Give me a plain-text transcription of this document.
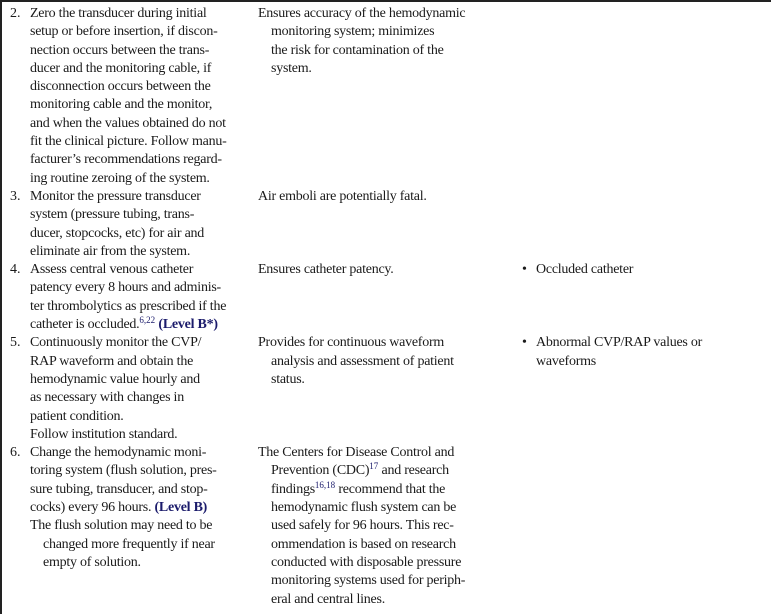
2. Zero the transducer during initial
setup or before insertion, if discon-
nection occurs between the trans-
ducer and the monitoring cable, if
disconnection occurs between the
monitoring cable and the monitor,
and when the values obtained do not
fit the clinical picture. Follow manu-
facturer’s recommendations regard-
ing routine zeroing of the system.
Ensures accuracy of the hemodynamic
monitoring system; minimizes
the risk for contamination of the
system.
3. Monitor the pressure transducer
system (pressure tubing, trans-
ducer, stopcocks, etc) for air and
eliminate air from the system.
Air emboli are potentially fatal.
4. Assess central venous catheter
patency every 8 hours and adminis-
ter thrombolytics as prescribed if the
catheter is occluded.$^{6,22}$ (Level B*)
Ensures catheter patency.	• Occluded catheter
5. Continuously monitor the CVP/
RAP waveform and obtain the
hemodynamic value hourly and
as necessary with changes in
patient condition.
Follow institution standard.
Provides for continuous waveform
analysis and assessment of patient
status.
• Abnormal CVP/RAP values or
waveforms
6. Change the hemodynamic moni-
toring system (flush solution, pres-
sure tubing, transducer, and stop-
cocks) every 96 hours. (Level B)
The flush solution may need to be
changed more frequently if near
empty of solution.
The Centers for Disease Control and
Prevention (CDC)$^{17}$ and research
findings$^{16,18}$ recommend that the
hemodynamic flush system can be
used safely for 96 hours. This rec-
ommendation is based on research
conducted with disposable pressure
monitoring systems used for periph-
eral and central lines.
